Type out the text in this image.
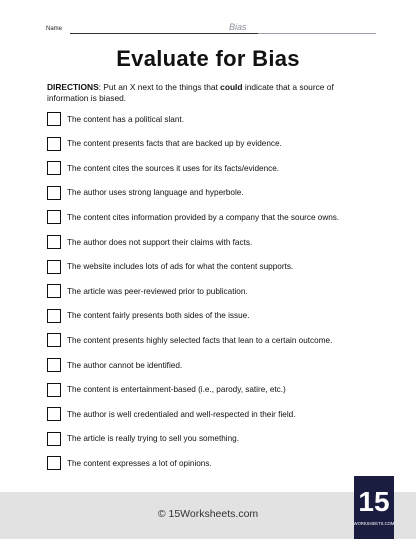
Name	Bias
Evaluate for Bias
DIRECTIONS: Put an X next to the things that could indicate that a source of information is biased.
The content has a political slant.
The content presents facts that are backed up by evidence.
The content cites the sources it uses for its facts/evidence.
The author uses strong language and hyperbole.
The content cites information provided by a company that the source owns.
The author does not support their claims with facts.
The website includes lots of ads for what the content supports.
The article was peer-reviewed prior to publication.
The content fairly presents both sides of the issue.
The content presents highly selected facts that lean to a certain outcome.
The author cannot be identified.
The content is entertainment-based (i.e., parody, satire, etc.)
The author is well credentialed and well-respected in their field.
The article is really trying to sell you something.
The content expresses a lot of opinions.
© 15Worksheets.com	15
WORKSHEETS.COM
